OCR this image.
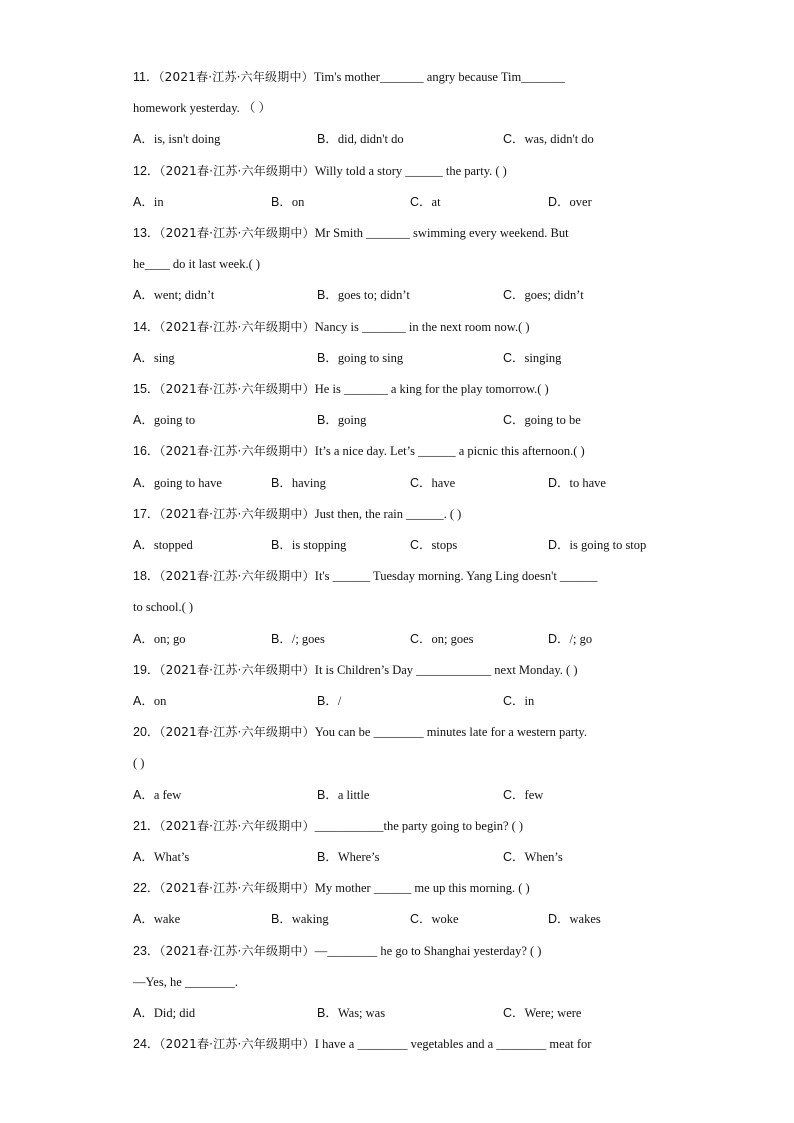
11．（2021春·江苏·六年级期中）Tim's mother_______ angry because Tim_______
homework yesterday. （ ）
A．is, isn't doing	B．did, didn't do	C．was, didn't do
12．（2021春·江苏·六年级期中）Willy told a story ______ the party. ( )
A．in	B．on	C．at	D．over
13．（2021春·江苏·六年级期中）Mr Smith _______ swimming every weekend. But
he____ do it last week.( )
A．went; didn’t	B．goes to; didn’t	C．goes; didn’t
14．（2021春·江苏·六年级期中）Nancy is _______ in the next room now.( )
A．sing	B．going to sing	C．singing
15．（2021春·江苏·六年级期中）He is _______ a king for the play tomorrow.( )
A．going to	B．going	C．going to be
16．（2021春·江苏·六年级期中）It’s a nice day. Let’s ______ a picnic this afternoon.( )
A．going to have	B．having	C．have	D．to have
17．（2021春·江苏·六年级期中）Just then, the rain ______. ( )
A．stopped	B．is stopping	C．stops	D．is going to stop
18．（2021春·江苏·六年级期中）It's ______ Tuesday morning. Yang Ling doesn't ______
to school.( )
A．on; go	B．/; goes	C．on; goes	D．/; go
19．（2021春·江苏·六年级期中）It is Children’s Day ____________ next Monday. ( )
A．on	B．/	C．in
20．（2021春·江苏·六年级期中）You can be ________ minutes late for a western party.
( )
A．a few	B．a little	C．few
21．（2021春·江苏·六年级期中）___________the party going to begin? ( )
A．What’s	B．Where’s	C．When’s
22．（2021春·江苏·六年级期中）My mother ______ me up this morning. ( )
A．wake	B．waking	C．woke	D．wakes
23．（2021春·江苏·六年级期中）—________ he go to Shanghai yesterday? ( )
—Yes, he ________.
A．Did; did	B．Was; was	C．Were; were
24．（2021春·江苏·六年级期中）I have a ________ vegetables and a ________ meat for
